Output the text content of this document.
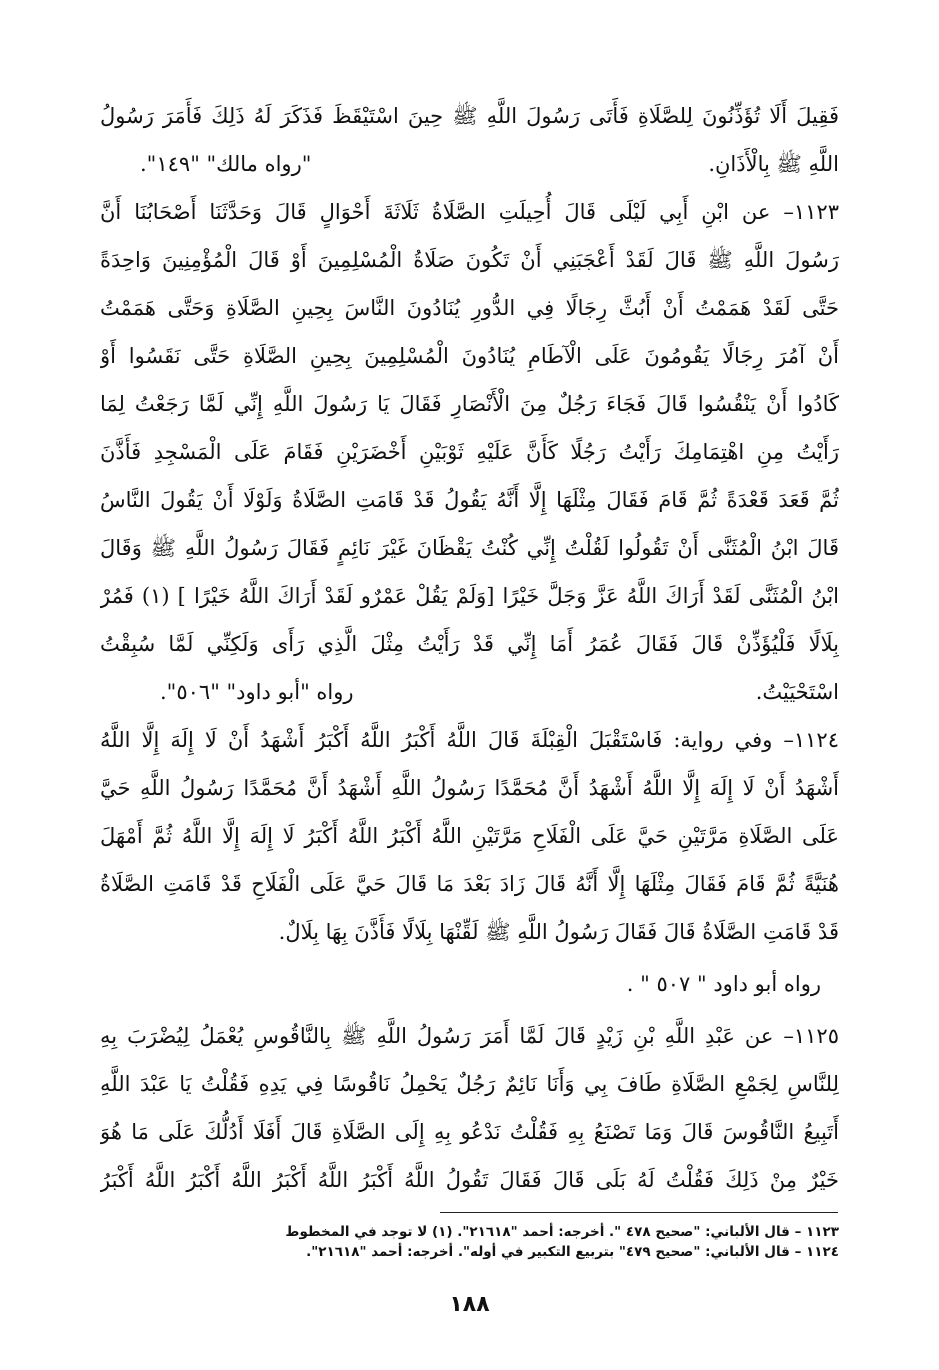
فَقِيلَ أَلَا تُؤَذِّنُونَ لِلصَّلَاةِ فَأَتَى رَسُولَ اللَّهِ ﷺ حِينَ اسْتَيْقَظَ فَذَكَرَ لَهُ ذَلِكَ فَأَمَرَ رَسُولُ
اللَّهِ ﷺ بِالْأَذَانِ.
"رواه مالك" "١٤٩".
١١٢٣– عن ابْنِ أَبِي لَيْلَى قَالَ أُحِيلَتِ الصَّلَاةُ ثَلَاثَةَ أَحْوَالٍ قَالَ وَحَدَّثَنَا أَصْحَابُنَا أَنَّ
رَسُولَ اللَّهِ ﷺ قَالَ لَقَدْ أَعْجَبَنِي أَنْ تَكُونَ صَلَاةُ الْمُسْلِمِينَ أَوْ قَالَ الْمُؤْمِنِينَ وَاحِدَةً
حَتَّى لَقَدْ هَمَمْتُ أَنْ أَبُثَّ رِجَالًا فِي الدُّورِ يُنَادُونَ النَّاسَ بِحِينِ الصَّلَاةِ وَحَتَّى هَمَمْتُ
أَنْ آمُرَ رِجَالًا يَقُومُونَ عَلَى الْآطَامِ يُنَادُونَ الْمُسْلِمِينَ بِحِينِ الصَّلَاةِ حَتَّى نَقَسُوا أَوْ
كَادُوا أَنْ يَنْقُسُوا قَالَ فَجَاءَ رَجُلٌ مِنَ الْأَنْصَارِ فَقَالَ يَا رَسُولَ اللَّهِ إِنِّي لَمَّا رَجَعْتُ لِمَا
رَأَيْتُ مِنِ اهْتِمَامِكَ رَأَيْتُ رَجُلًا كَأَنَّ عَلَيْهِ ثَوْبَيْنِ أَخْضَرَيْنِ فَقَامَ عَلَى الْمَسْجِدِ فَأَذَّنَ
ثُمَّ قَعَدَ قَعْدَةً ثُمَّ قَامَ فَقَالَ مِثْلَهَا إِلَّا أَنَّهُ يَقُولُ قَدْ قَامَتِ الصَّلَاةُ وَلَوْلَا أَنْ يَقُولَ النَّاسُ
قَالَ ابْنُ الْمُثَنَّى أَنْ تَقُولُوا لَقُلْتُ إِنِّي كُنْتُ يَقْظَانَ غَيْرَ نَائِمٍ فَقَالَ رَسُولُ اللَّهِ ﷺ وَقَالَ
ابْنُ الْمُثَنَّى لَقَدْ أَرَاكَ اللَّهُ عَزَّ وَجَلَّ خَيْرًا [وَلَمْ يَقُلْ عَمْرٌو لَقَدْ أَرَاكَ اللَّهُ خَيْرًا ] (١) فَمُرْ
بِلَالًا فَلْيُؤَذِّنْ قَالَ فَقَالَ عُمَرُ أَمَا إِنِّي قَدْ رَأَيْتُ مِثْلَ الَّذِي رَأَى وَلَكِنِّي لَمَّا سُبِقْتُ
اسْتَحْيَيْتُ.
رواه "أبو داود" "٥٠٦".
١١٢٤– وفي رواية: فَاسْتَقْبَلَ الْقِبْلَةَ قَالَ اللَّهُ أَكْبَرُ اللَّهُ أَكْبَرُ أَشْهَدُ أَنْ لَا إِلَهَ إِلَّا اللَّهُ
أَشْهَدُ أَنْ لَا إِلَهَ إِلَّا اللَّهُ أَشْهَدُ أَنَّ مُحَمَّدًا رَسُولُ اللَّهِ أَشْهَدُ أَنَّ مُحَمَّدًا رَسُولُ اللَّهِ حَيَّ
عَلَى الصَّلَاةِ مَرَّتَيْنِ حَيَّ عَلَى الْفَلَاحِ مَرَّتَيْنِ اللَّهُ أَكْبَرُ اللَّهُ أَكْبَرُ لَا إِلَهَ إِلَّا اللَّهُ ثُمَّ أَمْهَلَ
هُنَيَّةً ثُمَّ قَامَ فَقَالَ مِثْلَهَا إِلَّا أَنَّهُ قَالَ زَادَ بَعْدَ مَا قَالَ حَيَّ عَلَى الْفَلَاحِ قَدْ قَامَتِ الصَّلَاةُ
قَدْ قَامَتِ الصَّلَاةُ قَالَ فَقَالَ رَسُولُ اللَّهِ ﷺ لَقِّنْهَا بِلَالًا فَأَذَّنَ بِهَا بِلَالٌ.
رواه أبو داود " ٥٠٧ " .
١١٢٥– عن عَبْدِ اللَّهِ بْنِ زَيْدٍ قَالَ لَمَّا أَمَرَ رَسُولُ اللَّهِ ﷺ بِالنَّاقُوسِ يُعْمَلُ لِيُضْرَبَ بِهِ
لِلنَّاسِ لِجَمْعِ الصَّلَاةِ طَافَ بِي وَأَنَا نَائِمٌ رَجُلٌ يَحْمِلُ نَاقُوسًا فِي يَدِهِ فَقُلْتُ يَا عَبْدَ اللَّهِ
أَتَبِيعُ النَّاقُوسَ قَالَ وَمَا تَصْنَعُ بِهِ فَقُلْتُ نَدْعُو بِهِ إِلَى الصَّلَاةِ قَالَ أَفَلَا أَدُلُّكَ عَلَى مَا هُوَ
خَيْرٌ مِنْ ذَلِكَ فَقُلْتُ لَهُ بَلَى قَالَ فَقَالَ تَقُولُ اللَّهُ أَكْبَرُ اللَّهُ أَكْبَرُ اللَّهُ أَكْبَرُ اللَّهُ أَكْبَرُ
١١٢٣ – قال الألباني: "صحيح ٤٧٨ ". أخرجه: أحمد "٢١٦١٨". (١) لا توجد في المخطوط
١١٢٤ – قال الألباني: "صحيح ٤٧٩" بتربيع التكبير في أوله". أخرجه: أحمد "٢١٦١٨".
١٨٨
